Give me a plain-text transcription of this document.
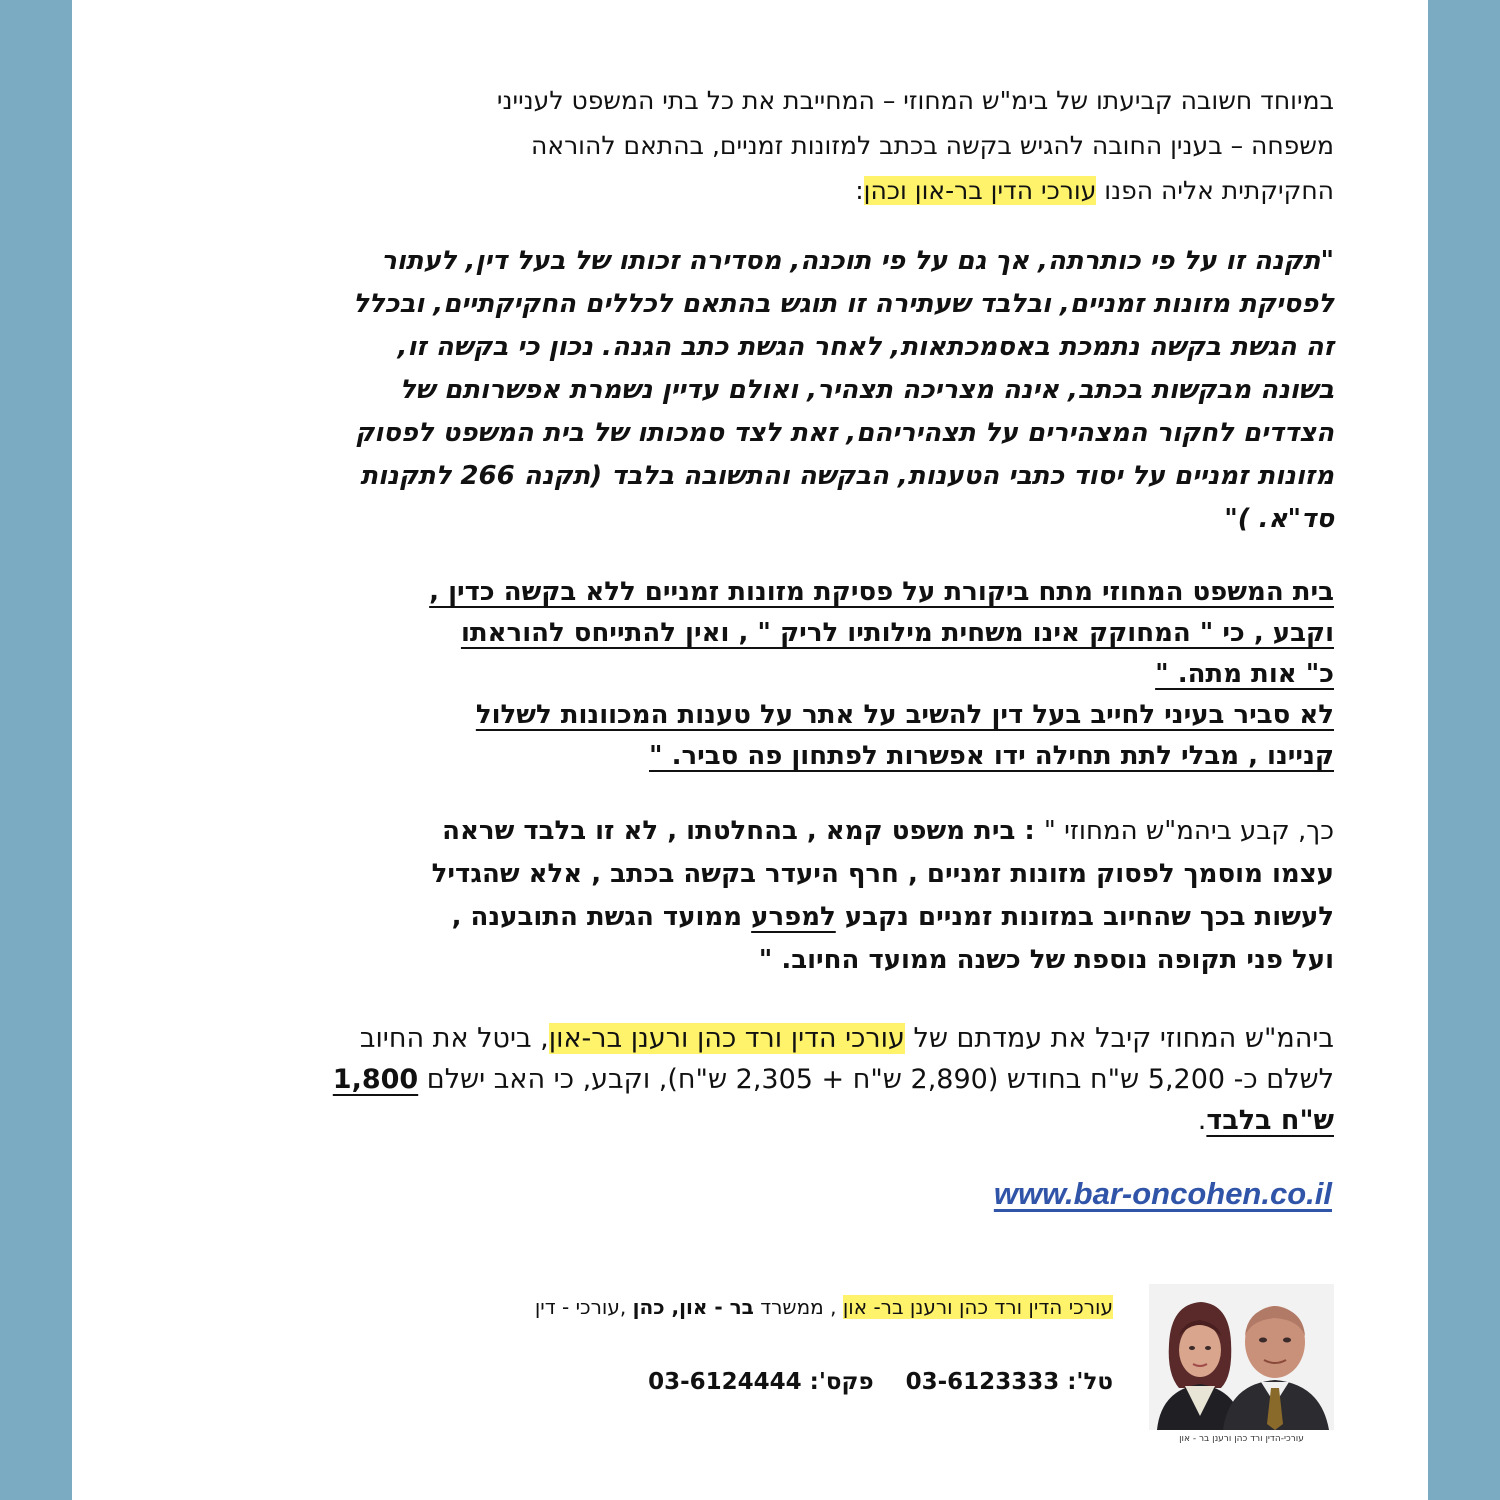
במיוחד חשובה קביעתו של בימ"ש המחוזי – המחייבת את כל בתי המשפט לענייני
משפחה – בענין החובה להגיש בקשה בכתב למזונות זמניים, בהתאם להוראה
החקיקתית אליה הפנו עורכי הדין בר-און וכהן:
"תקנה זו על פי כותרתה, אך גם על פי תוכנה, מסדירה זכותו של בעל דין, לעתור
לפסיקת מזונות זמניים, ובלבד שעתירה זו תוגש בהתאם לכללים החקיקתיים, ובכלל
זה הגשת בקשה נתמכת באסמכתאות, לאחר הגשת כתב הגנה. נכון כי בקשה זו,
בשונה מבקשות בכתב, אינה מצריכה תצהיר, ואולם עדיין נשמרת אפשרותם של
הצדדים לחקור המצהירים על תצהיריהם, זאת לצד סמכותו של בית המשפט לפסוק
מזונות זמניים על יסוד כתבי הטענות, הבקשה והתשובה בלבד (תקנה 266 לתקנות
סד"א. )"
בית המשפט המחוזי מתח ביקורת על פסיקת מזונות זמניים ללא בקשה כדין ,
וקבע , כי " המחוקק אינו משחית מילותיו לריק " , ואין להתייחס להוראתו
כ" אות מתה. "
לא סביר בעיני לחייב בעל דין להשיב על אתר על טענות המכוונות לשלול
קניינו , מבלי לתת תחילה ידו אפשרות לפתחון פה סביר. "
כך, קבע ביהמ"ש המחוזי " : בית משפט קמא , בהחלטתו , לא זו בלבד שראה
עצמו מוסמך לפסוק מזונות זמניים , חרף היעדר בקשה בכתב , אלא שהגדיל
לעשות בכך שהחיוב במזונות זמניים נקבע למפרע ממועד הגשת התובענה ,
ועל פני תקופה נוספת של כשנה ממועד החיוב. "
ביהמ"ש המחוזי קיבל את עמדתם של עורכי הדין ורד כהן ורענן בר-און, ביטל את החיוב
לשלם כ- 5,200 ש"ח בחודש (2,890 ש"ח + 2,305 ש"ח), וקבע, כי האב ישלם 1,800
ש"ח בלבד.
www.bar-oncohen.co.il
עורכי-הדין ורד כהן ורענן בר - און
עורכי הדין ורד כהן ורענן בר- און , ממשרד בר - און, כהן ,עורכי - דין
טל': 03-6123333    פקס': 03-6124444
